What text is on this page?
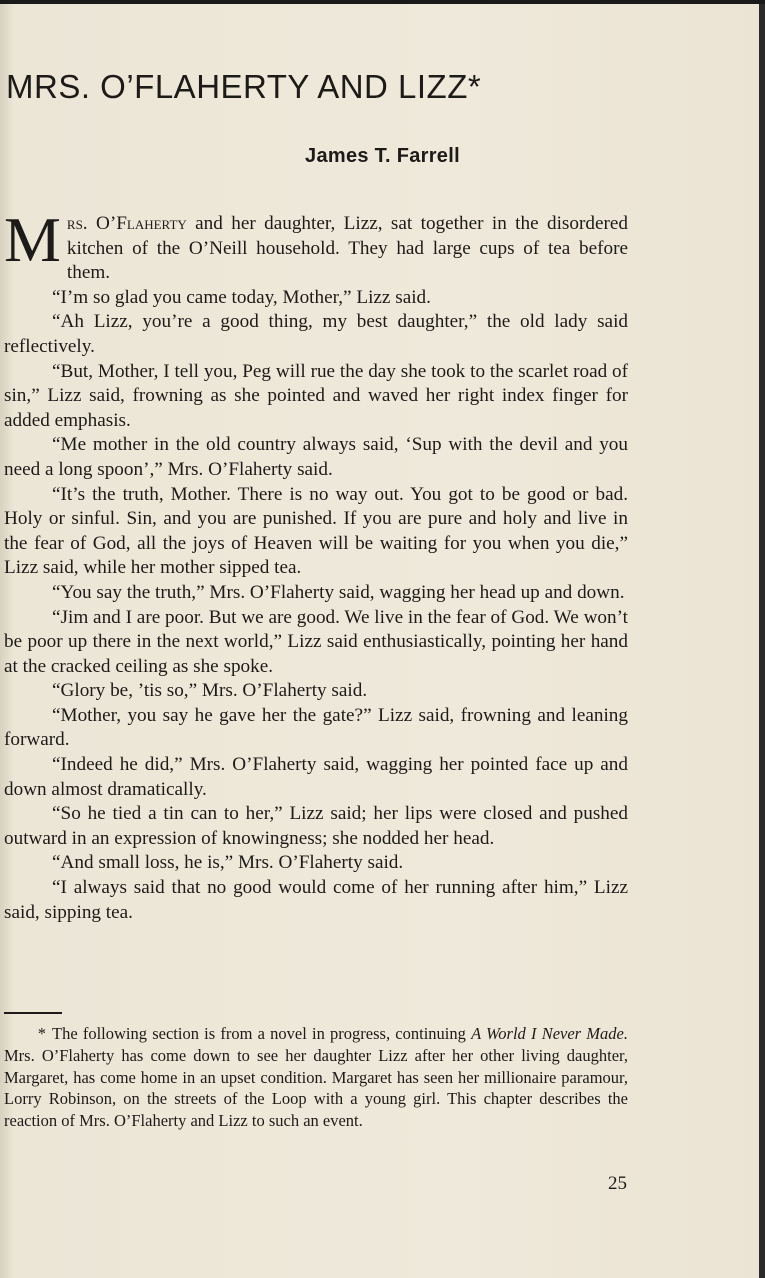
MRS. O’FLAHERTY AND LIZZ*
James T. Farrell

Mrs. O’Flaherty and her daughter, Lizz, sat together in the disordered kitchen of the O’Neill household. They had large cups of tea before them.

“I’m so glad you came today, Mother,” Lizz said.

“Ah Lizz, you’re a good thing, my best daughter,” the old lady said reflectively.

“But, Mother, I tell you, Peg will rue the day she took to the scarlet road of sin,” Lizz said, frowning as she pointed and waved her right index finger for added emphasis.

“Me mother in the old country always said, ‘Sup with the devil and you need a long spoon’,” Mrs. O’Flaherty said.

“It’s the truth, Mother. There is no way out. You got to be good or bad. Holy or sinful. Sin, and you are punished. If you are pure and holy and live in the fear of God, all the joys of Heaven will be waiting for you when you die,” Lizz said, while her mother sipped tea.

“You say the truth,” Mrs. O’Flaherty said, wagging her head up and down.

“Jim and I are poor. But we are good. We live in the fear of God. We won’t be poor up there in the next world,” Lizz said enthusiastically, pointing her hand at the cracked ceiling as she spoke.

“Glory be, ’tis so,” Mrs. O’Flaherty said.

“Mother, you say he gave her the gate?” Lizz said, frowning and leaning forward.

“Indeed he did,” Mrs. O’Flaherty said, wagging her pointed face up and down almost dramatically.

“So he tied a tin can to her,” Lizz said; her lips were closed and pushed outward in an expression of knowingness; she nodded her head.

“And small loss, he is,” Mrs. O’Flaherty said.

“I always said that no good would come of her running after him,” Lizz said, sipping tea.

* The following section is from a novel in progress, continuing A World I Never Made. Mrs. O’Flaherty has come down to see her daughter Lizz after her other living daughter, Margaret, has come home in an upset condition. Margaret has seen her millionaire paramour, Lorry Robinson, on the streets of the Loop with a young girl. This chapter describes the reaction of Mrs. O’Flaherty and Lizz to such an event.
25
